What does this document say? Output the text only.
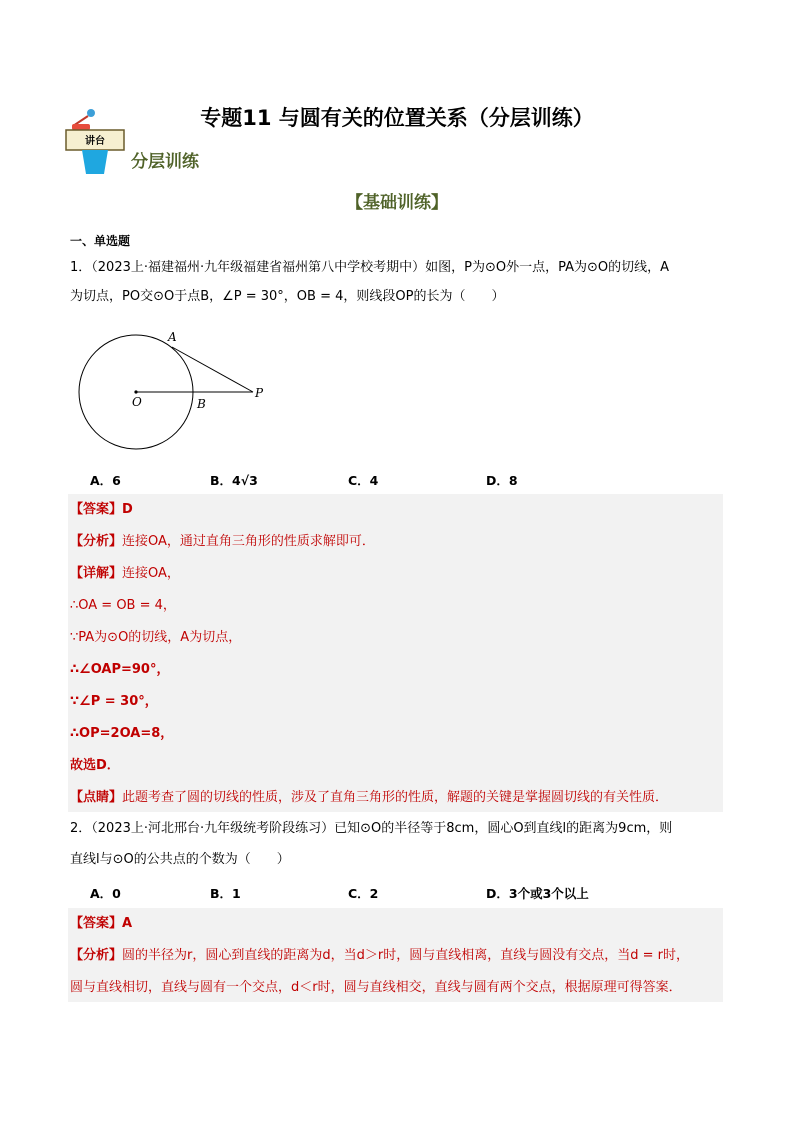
讲台
专题11 与圆有关的位置关系（分层训练）
分层训练
【基础训练】
一、单选题
1．（2023上·福建福州·九年级福建省福州第八中学校考期中）如图，P为⊙O外一点，PA为⊙O的切线，A
为切点，PO交⊙O于点B，∠P = 30°，OB = 4，则线段OP的长为（　　）
A
O	B
P
A．6	B．4√3	C．4	D．8
【答案】D
【分析】连接OA，通过直角三角形的性质求解即可．
【详解】连接OA，
∴OA = OB = 4，
∵PA为⊙O的切线，A为切点，
∴∠OAP=90°，
∵∠P = 30°，
∴OP=2OA=8，
故选D．
【点睛】此题考查了圆的切线的性质，涉及了直角三角形的性质，解题的关键是掌握圆切线的有关性质．
2．（2023上·河北邢台·九年级统考阶段练习）已知⊙O的半径等于8cm，圆心O到直线l的距离为9cm，则
直线l与⊙O的公共点的个数为（　　）
A．0	B．1	C．2	D．3个或3个以上
【答案】A
【分析】圆的半径为r，圆心到直线的距离为d，当d＞r时，圆与直线相离，直线与圆没有交点，当d = r时，
圆与直线相切，直线与圆有一个交点，d＜r时，圆与直线相交，直线与圆有两个交点，根据原理可得答案．
